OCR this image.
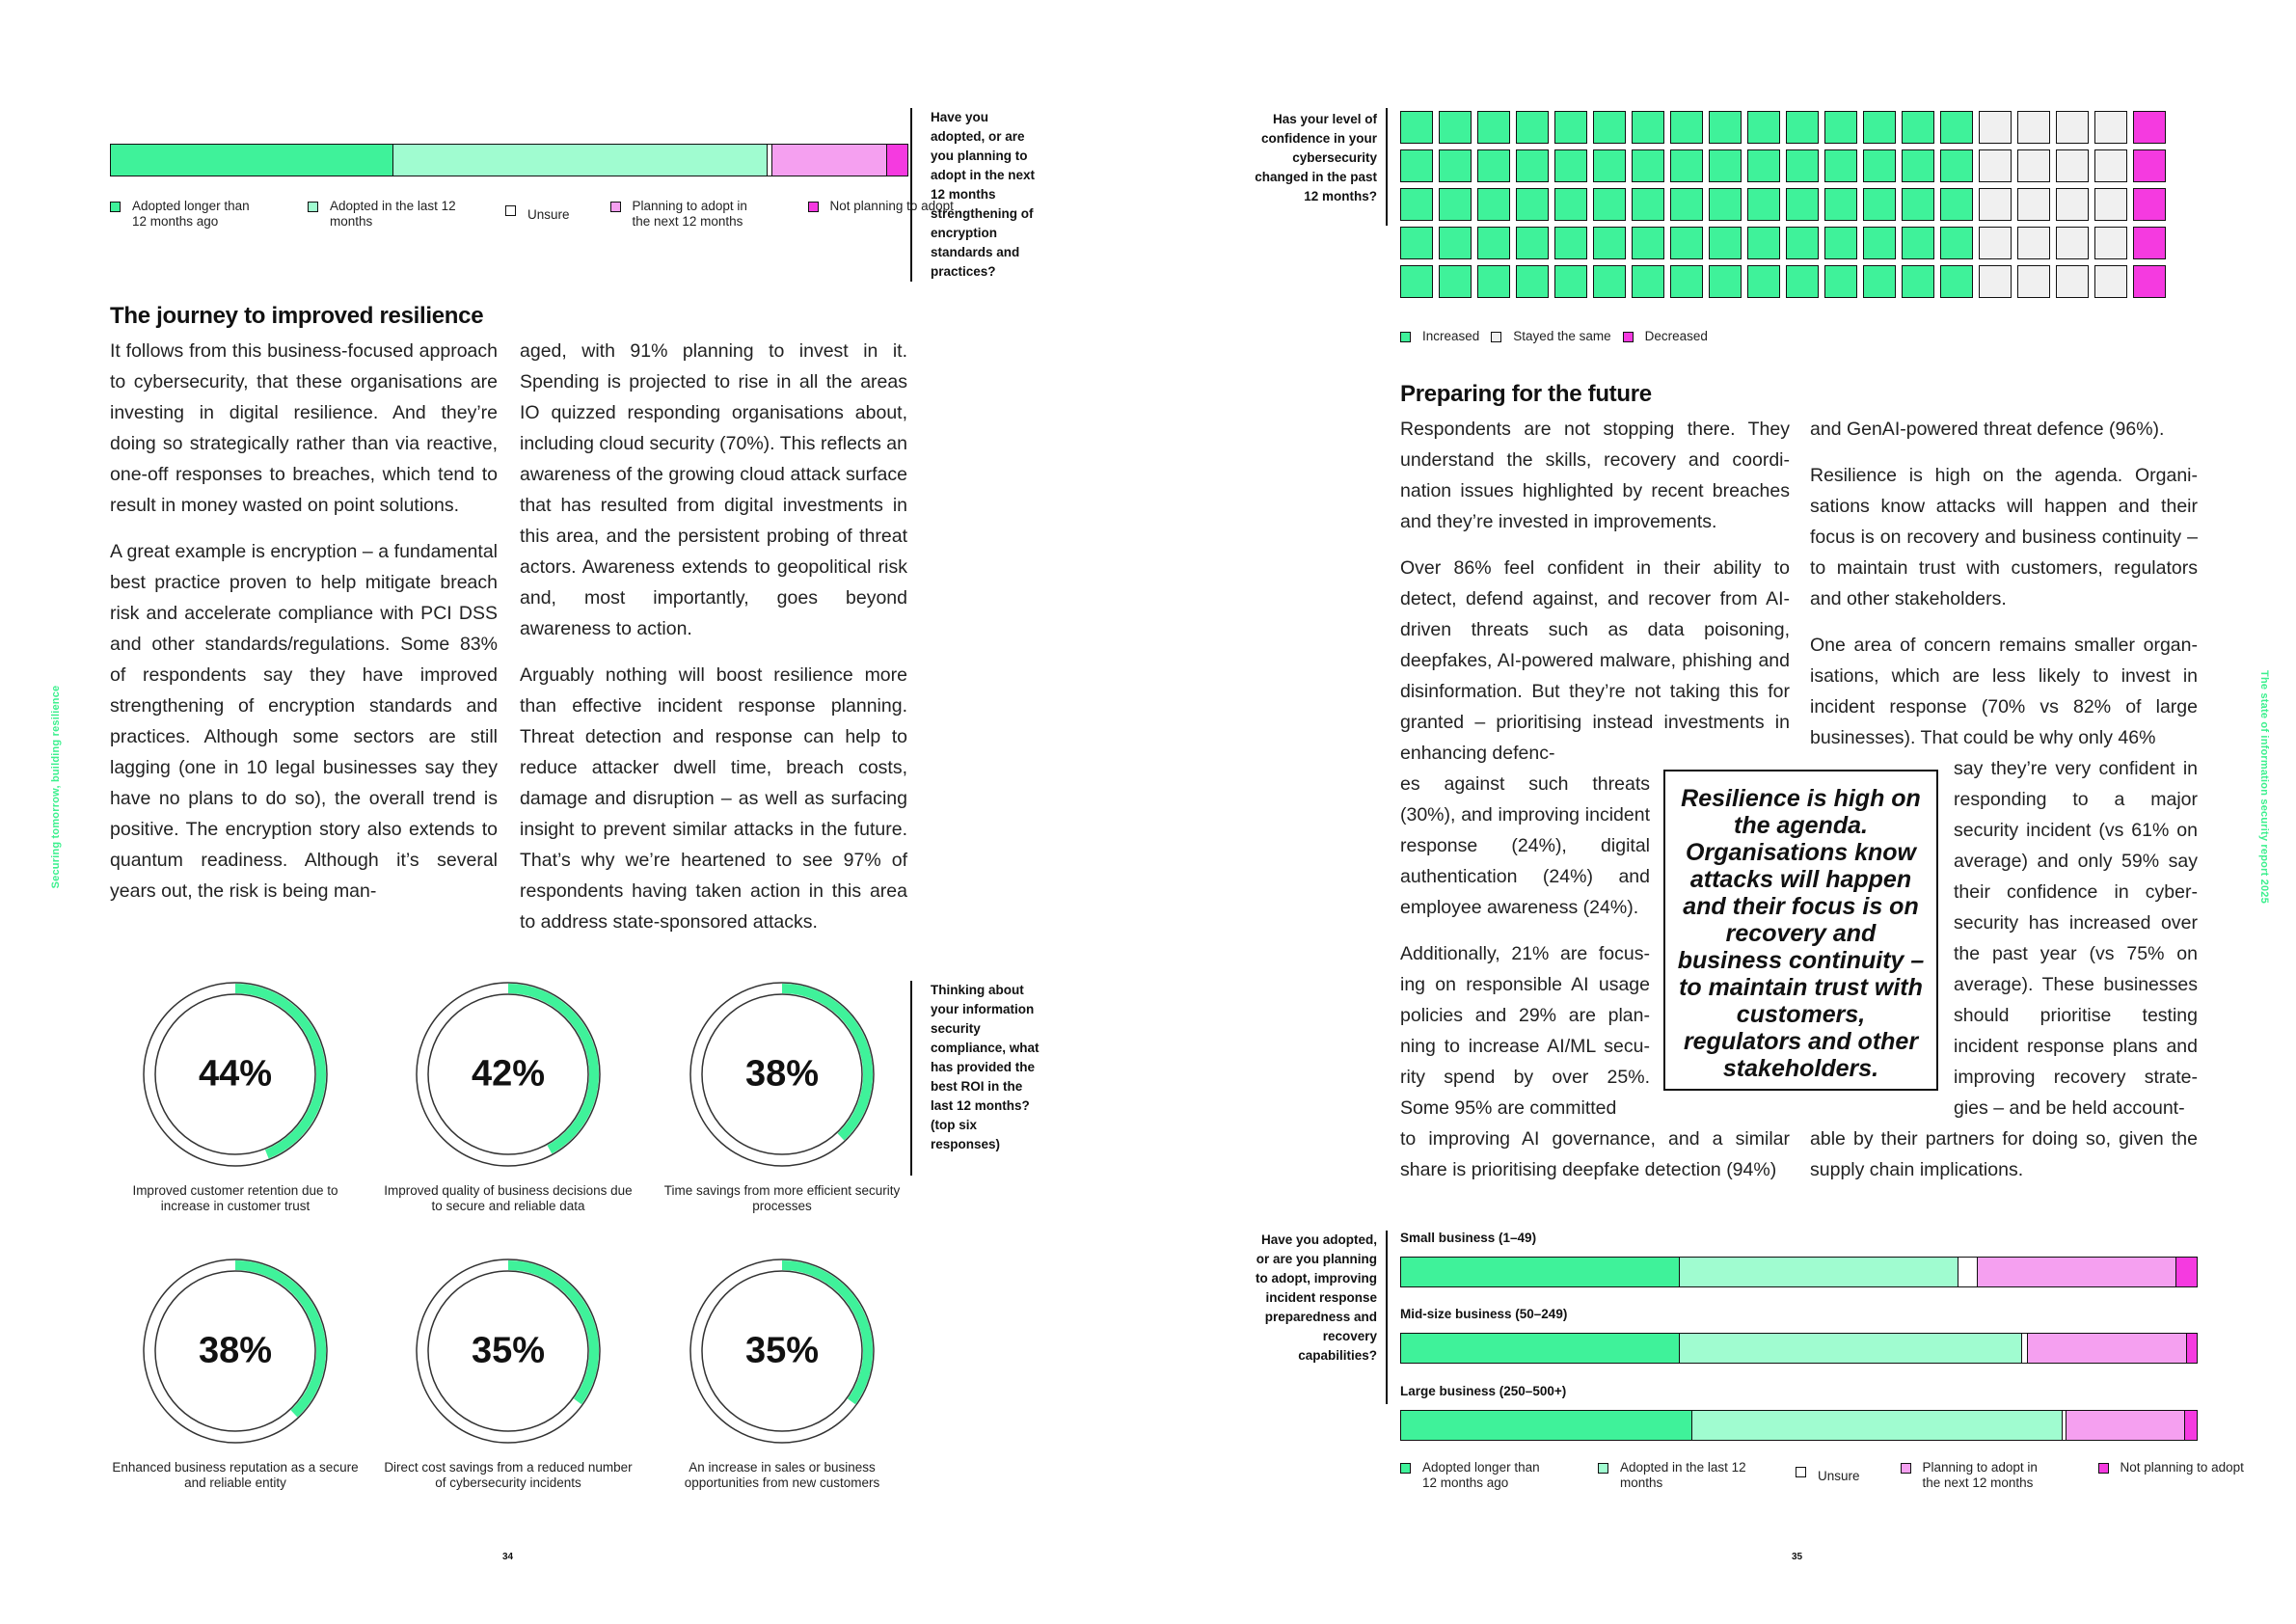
Securing tomorrow, building resilience
Adopted longer than 12 months ago
Adopted in the last 12 months	Unsure
Planning to adopt in the next 12 months
Not planning to adopt
Have you adopted, or are you planning to adopt in the next 12 months strengthening of encryption standards and practices?
The journey to improved resilience

It follows from this business-focused approach to cybersecurity, that these organisations are investing in digital resilience. And they’re doing so strategically rather than via reactive, one-off responses to breaches, which tend to result in money wasted on point solutions.

A great example is encryption – a fundamental best practice proven to help mitigate breach risk and accelerate compliance with PCI DSS and other standards/regulations. Some 83% of respondents say they have improved strengthening of encryption standards and practices. Although some sectors are still lagging (one in 10 legal businesses say they have no plans to do so), the overall trend is positive. The encryption story also extends to quantum readiness. Although it’s several years out, the risk is being man-

aged, with 91% planning to invest in it. Spending is projected to rise in all the areas IO quizzed responding organisations about, including cloud security (70%). This reflects an awareness of the growing cloud attack surface that has resulted from digital investments in this area, and the persistent probing of threat actors. Awareness extends to geopolitical risk and, most importantly, goes beyond awareness to action.

Arguably nothing will boost resilience more than effective incident response planning. Threat detection and response can help to reduce attacker dwell time, breach costs, damage and disruption – as well as surfacing insight to prevent similar attacks in the future. That’s why we’re heartened to see 97% of respondents having taken action in this area to address state-sponsored attacks.

44%
Improved customer retention due to increase in customer trust
42%
Improved quality of business decisions due to secure and reliable data
38%
Time savings from more efficient security processes
38%
Enhanced business reputation as a secure and reliable entity
35%
Direct cost savings from a reduced number of cybersecurity incidents
35%
An increase in sales or business opportunities from new customers
Thinking about your information security compliance, what has provided the best ROI in the last 12 months? (top six responses)
34
The state of information security report 2025
Has your level of confidence in your cybersecurity changed in the past 12 months?
Increased	Stayed the same	Decreased
Preparing for the future

Respondents are not stopping there. They understand the skills, recovery and coordination issues highlighted by recent breaches and they’re invested in improvements.

Over 86% feel confident in their ability to detect, defend against, and recover from AI-driven threats such as data poisoning, deepfakes, AI-powered malware, phishing and disinformation. But they’re not taking this for granted – prioritising instead investments in enhancing defenc-

es against such threats (30%), and improving incident response (24%), digital authentication (24%) and employee awareness (24%).

Additionally, 21% are focusing on responsible AI usage policies and 29% are planning to increase AI/ML security spend by over 25%. Some 95% are committed

to improving AI governance, and a similar share is prioritising deepfake detection (94%)

and GenAI-powered threat defence (96%).

Resilience is high on the agenda. Organisations know attacks will happen and their focus is on recovery and business continuity – to maintain trust with customers, regulators and other stakeholders.

One area of concern remains smaller organisations, which are less likely to invest in incident response (70% vs 82% of large businesses). That could be why only 46%

say they’re very confident in responding to a major security incident (vs 61% on average) and only 59% say their confidence in cybersecurity has increased over the past year (vs 75% on average). These businesses should prioritise testing incident response plans and improving recovery strategies – and be held account-
able by their partners for doing so, given the supply chain implications.
Resilience is high on the agenda. Organisations know attacks will happen and their focus is on recovery and business continuity – to maintain trust with customers, regulators and other stakeholders.
Have you adopted, or are you planning to adopt, improving incident response preparedness and recovery capabilities?
Small business (1–49)
Mid-size business (50–249)
Large business (250–500+)
Adopted longer than 12 months ago
Adopted in the last 12 months	Unsure
Planning to adopt in the next 12 months
Not planning to adopt
35
